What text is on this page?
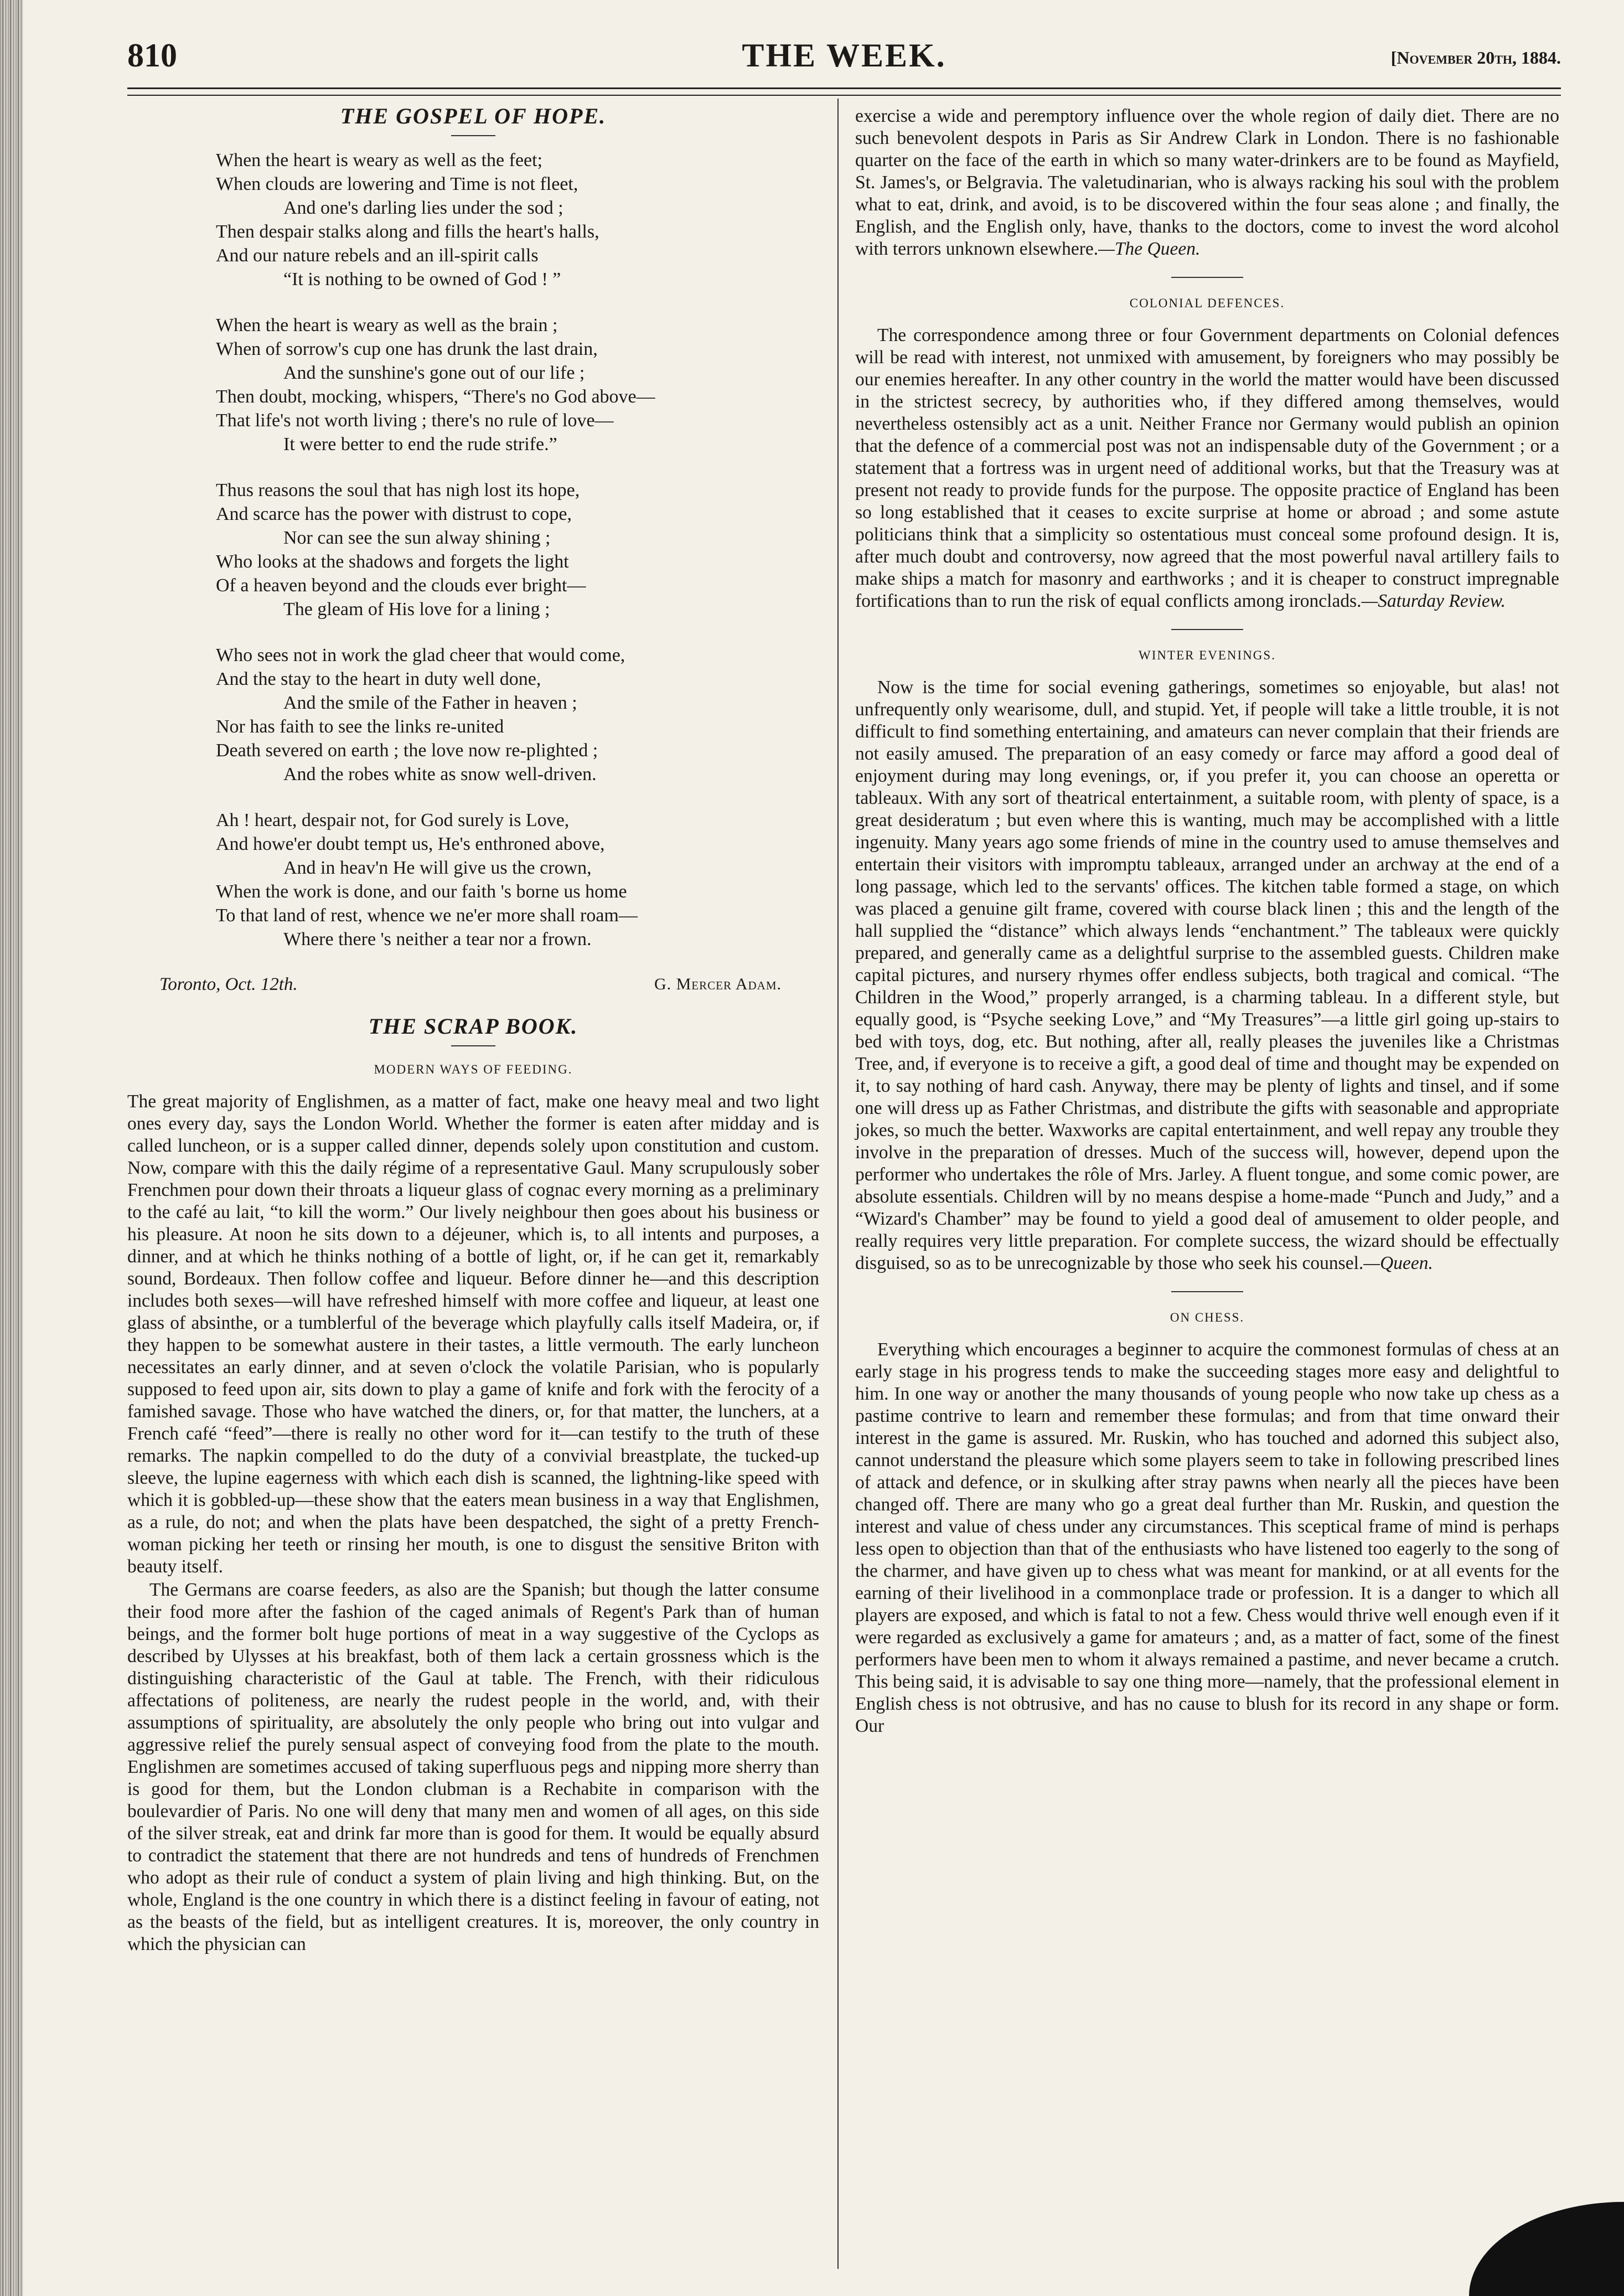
810	THE WEEK.	[November 20th, 1884.
THE GOSPEL OF HOPE.
When the heart is weary as well as the feet;
When clouds are lowering and Time is not fleet,
And one's darling lies under the sod ;
Then despair stalks along and fills the heart's halls,
And our nature rebels and an ill-spirit calls
“It is nothing to be owned of God ! ”
When the heart is weary as well as the brain ;
When of sorrow's cup one has drunk the last drain,
And the sunshine's gone out of our life ;
Then doubt, mocking, whispers, “There's no God above—
That life's not worth living ; there's no rule of love—
It were better to end the rude strife.”
Thus reasons the soul that has nigh lost its hope,
And scarce has the power with distrust to cope,
Nor can see the sun alway shining ;
Who looks at the shadows and forgets the light
Of a heaven beyond and the clouds ever bright—
The gleam of His love for a lining ;
Who sees not in work the glad cheer that would come,
And the stay to the heart in duty well done,
And the smile of the Father in heaven ;
Nor has faith to see the links re-united
Death severed on earth ; the love now re-plighted ;
And the robes white as snow well-driven.
Ah ! heart, despair not, for God surely is Love,
And howe'er doubt tempt us, He's enthroned above,
And in heav'n He will give us the crown,
When the work is done, and our faith 's borne us home
To that land of rest, whence we ne'er more shall roam—
Where there 's neither a tear nor a frown.
Toronto, Oct. 12th.	G. Mercer Adam.
THE SCRAP BOOK.
MODERN WAYS OF FEEDING.

The great majority of Englishmen, as a matter of fact, make one heavy meal and two light ones every day, says the London World. Whether the former is eaten after midday and is called luncheon, or is a supper called dinner, depends solely upon constitution and custom. Now, compare with this the daily régime of a representative Gaul. Many scrupulously sober Frenchmen pour down their throats a liqueur glass of cognac every morning as a preliminary to the café au lait, “to kill the worm.” Our lively neighbour then goes about his business or his pleasure. At noon he sits down to a déjeuner, which is, to all intents and purposes, a dinner, and at which he thinks nothing of a bottle of light, or, if he can get it, remarkably sound, Bordeaux. Then follow coffee and liqueur. Before dinner he—and this description includes both sexes—will have refreshed himself with more coffee and liqueur, at least one glass of absinthe, or a tumblerful of the beverage which playfully calls itself Madeira, or, if they happen to be somewhat austere in their tastes, a little vermouth. The early luncheon necessitates an early dinner, and at seven o'clock the volatile Parisian, who is popularly supposed to feed upon air, sits down to play a game of knife and fork with the ferocity of a famished savage. Those who have watched the diners, or, for that matter, the lunchers, at a French café “feed”—there is really no other word for it—can testify to the truth of these remarks. The napkin compelled to do the duty of a convivial breastplate, the tucked-up sleeve, the lupine eagerness with which each dish is scanned, the lightning-like speed with which it is gobbled-up—these show that the eaters mean business in a way that Englishmen, as a rule, do not; and when the plats have been despatched, the sight of a pretty French-woman picking her teeth or rinsing her mouth, is one to disgust the sensitive Briton with beauty itself.

The Germans are coarse feeders, as also are the Spanish; but though the latter consume their food more after the fashion of the caged animals of Regent's Park than of human beings, and the former bolt huge portions of meat in a way suggestive of the Cyclops as described by Ulysses at his breakfast, both of them lack a certain grossness which is the distinguishing characteristic of the Gaul at table. The French, with their ridiculous affectations of politeness, are nearly the rudest people in the world, and, with their assumptions of spirituality, are absolutely the only people who bring out into vulgar and aggressive relief the purely sensual aspect of conveying food from the plate to the mouth. Englishmen are sometimes accused of taking superfluous pegs and nipping more sherry than is good for them, but the London clubman is a Rechabite in comparison with the boulevardier of Paris. No one will deny that many men and women of all ages, on this side of the silver streak, eat and drink far more than is good for them. It would be equally absurd to contradict the statement that there are not hundreds and tens of hundreds of Frenchmen who adopt as their rule of conduct a system of plain living and high thinking. But, on the whole, England is the one country in which there is a distinct feeling in favour of eating, not as the beasts of the field, but as intelligent creatures. It is, moreover, the only country in which the physician can

exercise a wide and peremptory influence over the whole region of daily diet. There are no such benevolent despots in Paris as Sir Andrew Clark in London. There is no fashionable quarter on the face of the earth in which so many water-drinkers are to be found as Mayfield, St. James's, or Belgravia. The valetudinarian, who is always racking his soul with the problem what to eat, drink, and avoid, is to be discovered within the four seas alone ; and finally, the English, and the English only, have, thanks to the doctors, come to invest the word alcohol with terrors unknown elsewhere.—The Queen.

COLONIAL DEFENCES.

The correspondence among three or four Government departments on Colonial defences will be read with interest, not unmixed with amusement, by foreigners who may possibly be our enemies hereafter. In any other country in the world the matter would have been discussed in the strictest secrecy, by authorities who, if they differed among themselves, would nevertheless ostensibly act as a unit. Neither France nor Germany would publish an opinion that the defence of a commercial post was not an indispensable duty of the Government ; or a statement that a fortress was in urgent need of additional works, but that the Treasury was at present not ready to provide funds for the purpose. The opposite practice of England has been so long established that it ceases to excite surprise at home or abroad ; and some astute politicians think that a simplicity so ostentatious must conceal some profound design. It is, after much doubt and controversy, now agreed that the most powerful naval artillery fails to make ships a match for masonry and earthworks ; and it is cheaper to construct impregnable fortifications than to run the risk of equal conflicts among ironclads.—Saturday Review.

WINTER EVENINGS.

Now is the time for social evening gatherings, sometimes so enjoyable, but alas! not unfrequently only wearisome, dull, and stupid. Yet, if people will take a little trouble, it is not difficult to find something entertaining, and amateurs can never complain that their friends are not easily amused. The preparation of an easy comedy or farce may afford a good deal of enjoyment during may long evenings, or, if you prefer it, you can choose an operetta or tableaux. With any sort of theatrical entertainment, a suitable room, with plenty of space, is a great desideratum ; but even where this is wanting, much may be accomplished with a little ingenuity. Many years ago some friends of mine in the country used to amuse themselves and entertain their visitors with impromptu tableaux, arranged under an archway at the end of a long passage, which led to the servants' offices. The kitchen table formed a stage, on which was placed a genuine gilt frame, covered with course black linen ; this and the length of the hall supplied the “distance” which always lends “enchantment.” The tableaux were quickly prepared, and generally came as a delightful surprise to the assembled guests. Children make capital pictures, and nursery rhymes offer endless subjects, both tragical and comical. “The Children in the Wood,” properly arranged, is a charming tableau. In a different style, but equally good, is “Psyche seeking Love,” and “My Treasures”—a little girl going up-stairs to bed with toys, dog, etc. But nothing, after all, really pleases the juveniles like a Christmas Tree, and, if everyone is to receive a gift, a good deal of time and thought may be expended on it, to say nothing of hard cash. Anyway, there may be plenty of lights and tinsel, and if some one will dress up as Father Christmas, and distribute the gifts with seasonable and appropriate jokes, so much the better. Waxworks are capital entertainment, and well repay any trouble they involve in the preparation of dresses. Much of the success will, however, depend upon the performer who undertakes the rôle of Mrs. Jarley. A fluent tongue, and some comic power, are absolute essentials. Children will by no means despise a home-made “Punch and Judy,” and a “Wizard's Chamber” may be found to yield a good deal of amusement to older people, and really requires very little preparation. For complete success, the wizard should be effectually disguised, so as to be unrecognizable by those who seek his counsel.—Queen.

ON CHESS.

Everything which encourages a beginner to acquire the commonest formulas of chess at an early stage in his progress tends to make the succeeding stages more easy and delightful to him. In one way or another the many thousands of young people who now take up chess as a pastime contrive to learn and remember these formulas; and from that time onward their interest in the game is assured. Mr. Ruskin, who has touched and adorned this subject also, cannot understand the pleasure which some players seem to take in following prescribed lines of attack and defence, or in skulking after stray pawns when nearly all the pieces have been changed off. There are many who go a great deal further than Mr. Ruskin, and question the interest and value of chess under any circumstances. This sceptical frame of mind is perhaps less open to objection than that of the enthusiasts who have listened too eagerly to the song of the charmer, and have given up to chess what was meant for mankind, or at all events for the earning of their livelihood in a commonplace trade or profession. It is a danger to which all players are exposed, and which is fatal to not a few. Chess would thrive well enough even if it were regarded as exclusively a game for amateurs ; and, as a matter of fact, some of the finest performers have been men to whom it always remained a pastime, and never became a crutch. This being said, it is advisable to say one thing more—namely, that the professional element in English chess is not obtrusive, and has no cause to blush for its record in any shape or form. Our
